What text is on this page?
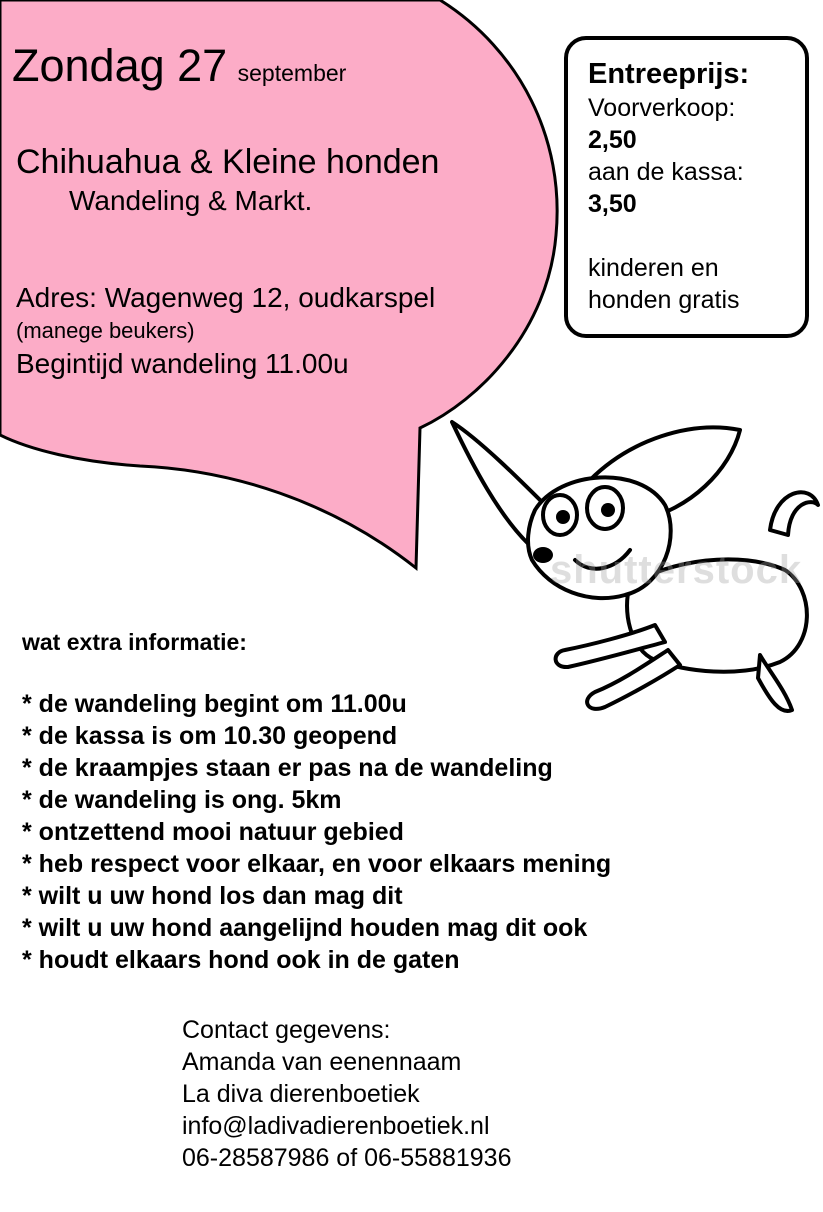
Zondag 27 september
Chihuahua & Kleine honden
Wandeling & Markt.
Adres: Wagenweg 12, oudkarspel
(manege beukers)
Begintijd wandeling 11.00u
Entreeprijs:
Voorverkoop:
2,50
aan de kassa:
3,50
kinderen en
honden gratis
shutterstock
wat extra informatie:
* de wandeling begint om 11.00u
* de kassa is om 10.30 geopend
* de kraampjes staan er pas na de wandeling
* de wandeling is ong. 5km
* ontzettend mooi natuur gebied
* heb respect voor elkaar, en voor elkaars mening
* wilt u uw hond los dan mag dit
* wilt u uw hond aangelijnd houden mag dit ook
* houdt elkaars hond ook in de gaten
Contact gegevens:
Amanda van eenennaam
La diva dierenboetiek
info@ladivadierenboetiek.nl
06-28587986 of 06-55881936
